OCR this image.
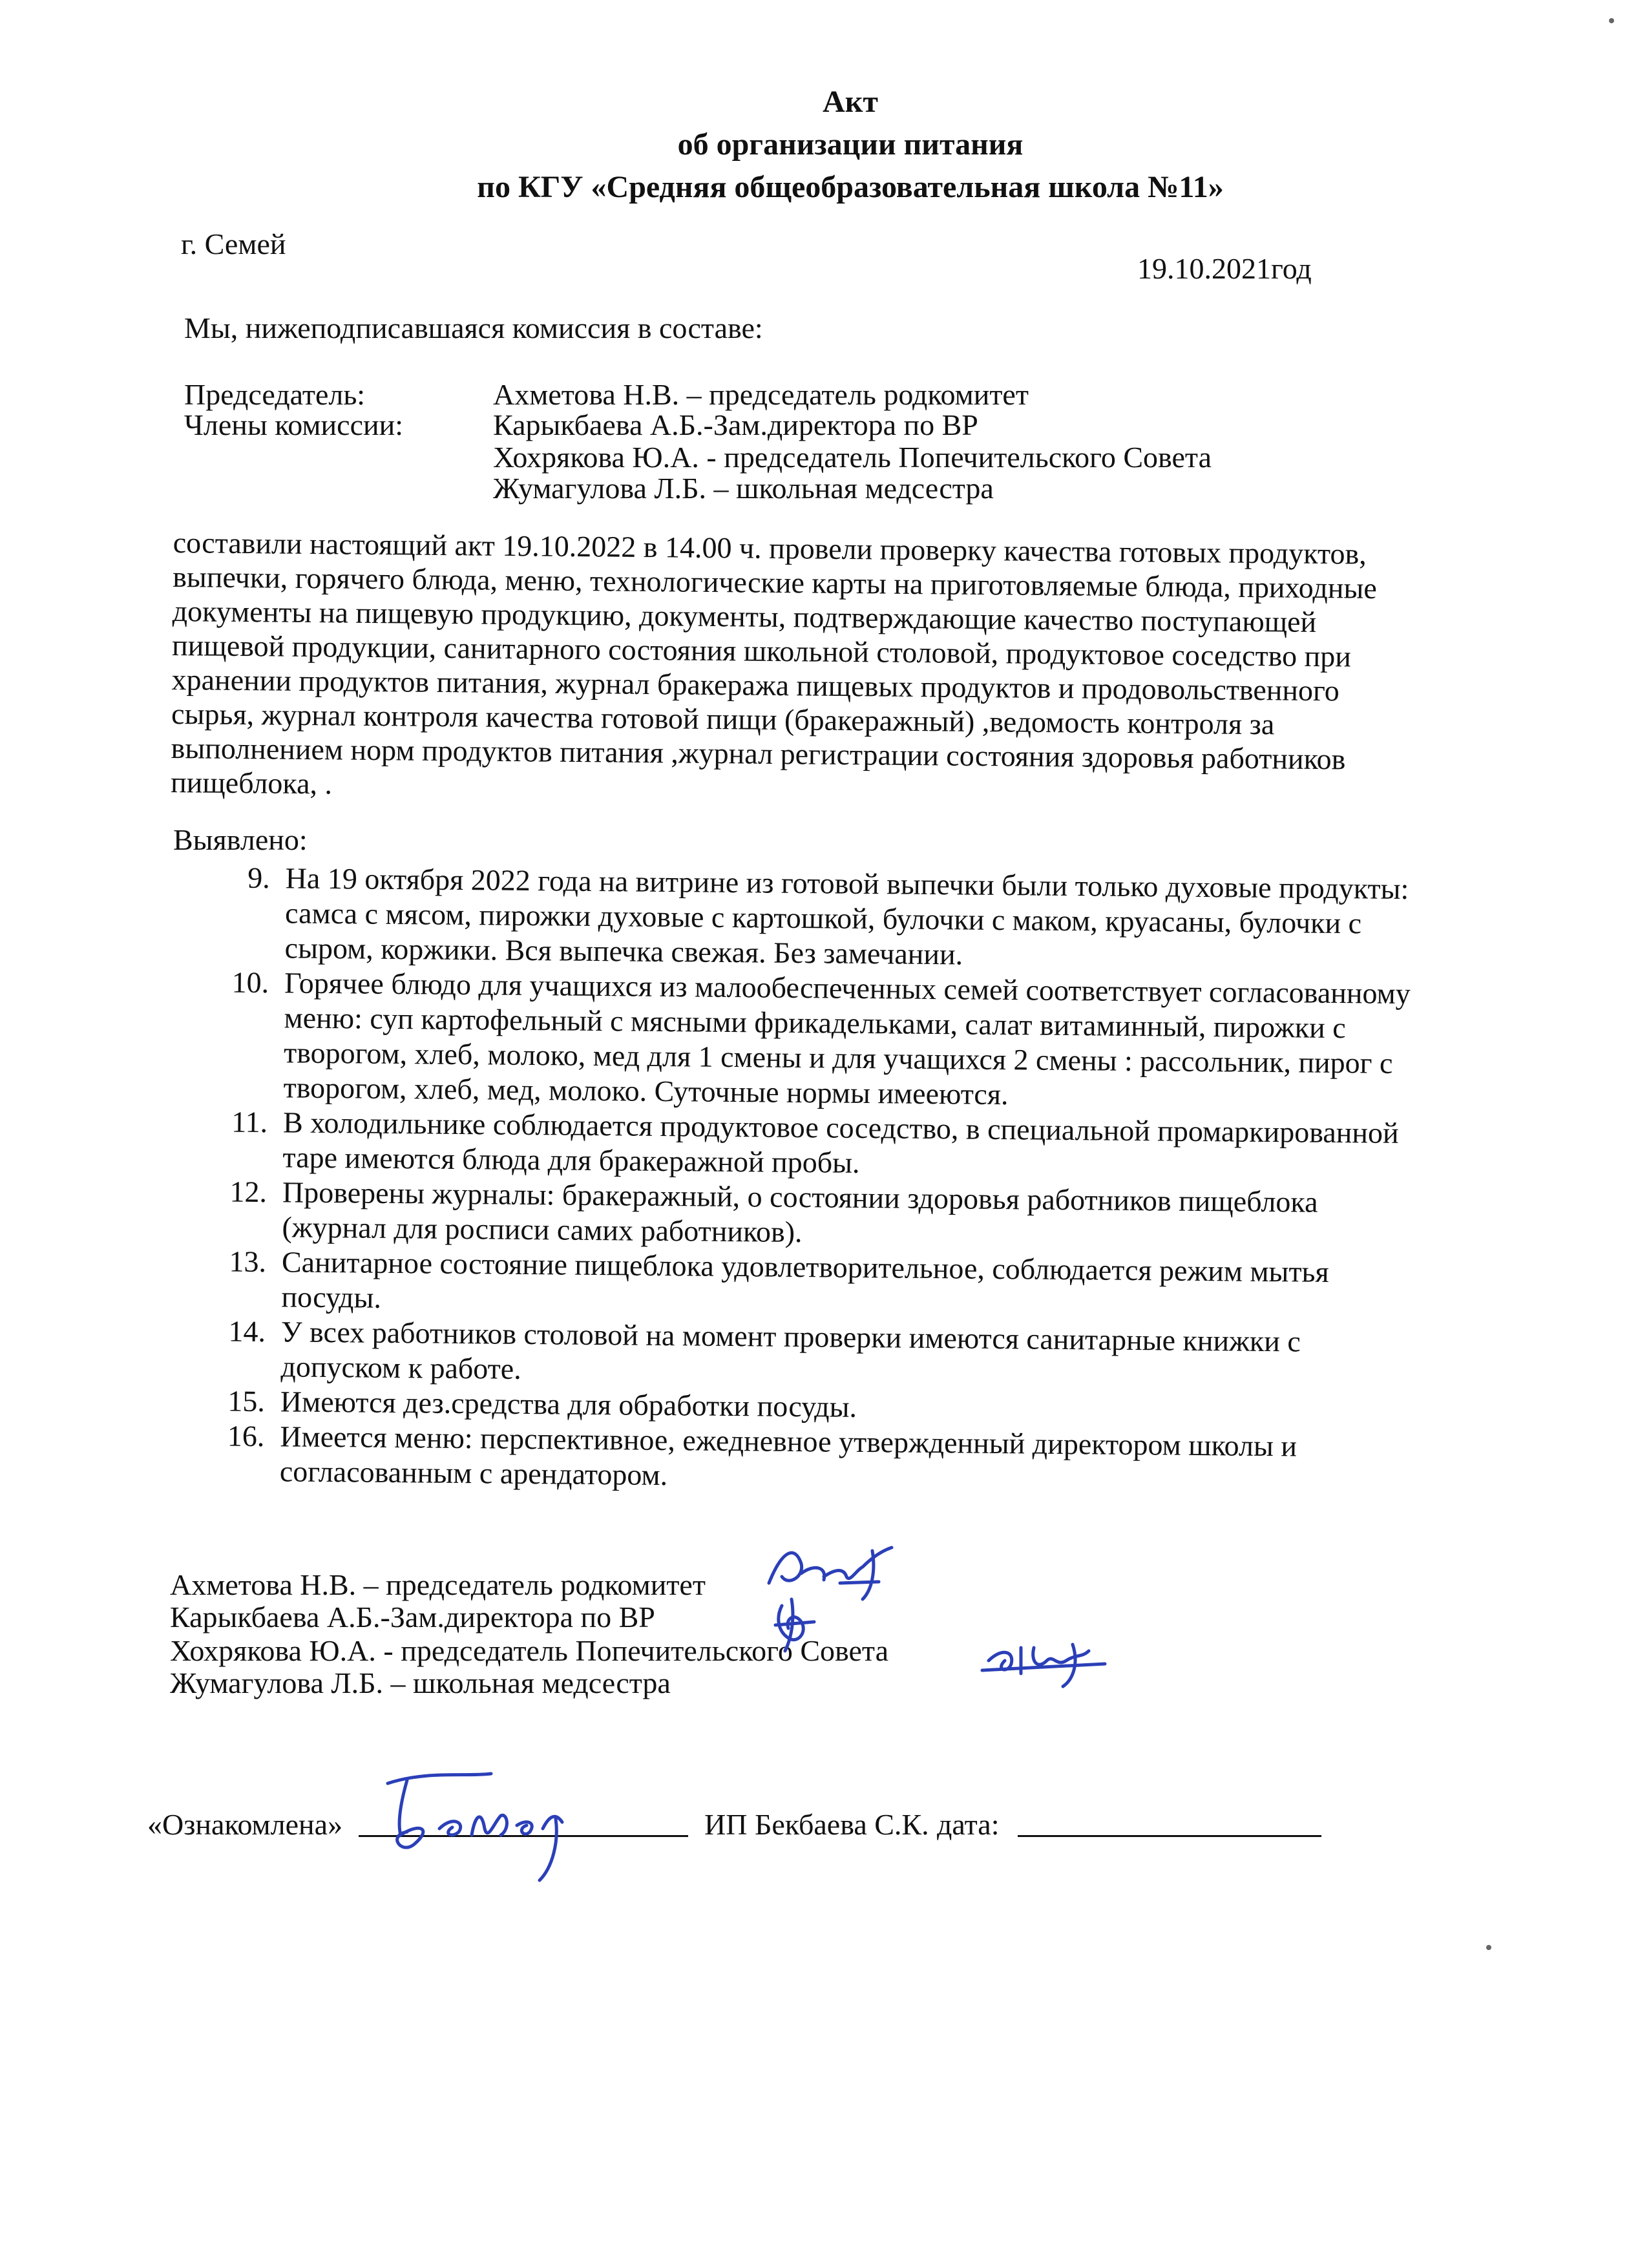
Акт
об организации питания
по КГУ «Средняя общеобразовательная школа №11»
г. Семей
19.10.2021год
Мы, нижеподписавшаяся комиссия в составе:
Председатель:	Ахметова Н.В. – председатель родкомитет
Члены комиссии:	Карыкбаева А.Б.-Зам.директора по ВР
Хохрякова Ю.А. - председатель Попечительского Совета
Жумагулова Л.Б. – школьная медсестра
составили настоящий акт 19.10.2022 в 14.00 ч. провели проверку качества готовых продуктов,
выпечки, горячего блюда, меню, технологические карты на приготовляемые блюда, приходные
документы на пищевую продукцию, документы, подтверждающие качество поступающей
пищевой продукции, санитарного состояния школьной столовой, продуктовое соседство при
хранении продуктов питания, журнал бракеража пищевых продуктов и продовольственного
сырья, журнал контроля качества готовой пищи (бракеражный) ,ведомость контроля за
выполнением норм продуктов питания ,журнал регистрации состояния здоровья работников
пищеблока, .
Выявлено:
9. На 19 октября 2022 года на витрине из готовой выпечки были только духовые продукты:
самса с мясом, пирожки духовые с картошкой, булочки с маком, круасаны, булочки с
сыром, коржики. Вся выпечка свежая. Без замечании.
10. Горячее блюдо для учащихся из малообеспеченных семей соответствует согласованному
меню: суп картофельный с мясными фрикадельками, салат витаминный, пирожки с
творогом, хлеб, молоко, мед для 1 смены и для учащихся 2 смены : рассольник, пирог с
творогом, хлеб, мед, молоко. Суточные нормы имееются.
11. В холодильнике соблюдается продуктовое соседство, в специальной промаркированной
таре имеются блюда для бракеражной пробы.
12. Проверены журналы: бракеражный, о состоянии здоровья работников пищеблока
(журнал для росписи самих работников).
13. Санитарное состояние пищеблока удовлетворительное, соблюдается режим мытья
посуды.
14. У всех работников столовой на момент проверки имеются санитарные книжки с
допуском к работе.
15. Имеются дез.средства для обработки посуды.
16. Имеется меню: перспективное, ежедневное утвержденный директором школы и
согласованным с арендатором.
Ахметова Н.В. – председатель родкомитет
Карыкбаева А.Б.-Зам.директора по ВР
Хохрякова Ю.А. - председатель Попечительского Совета
Жумагулова Л.Б. – школьная медсестра
«Ознакомлена»	ИП Бекбаева С.К. дата:
